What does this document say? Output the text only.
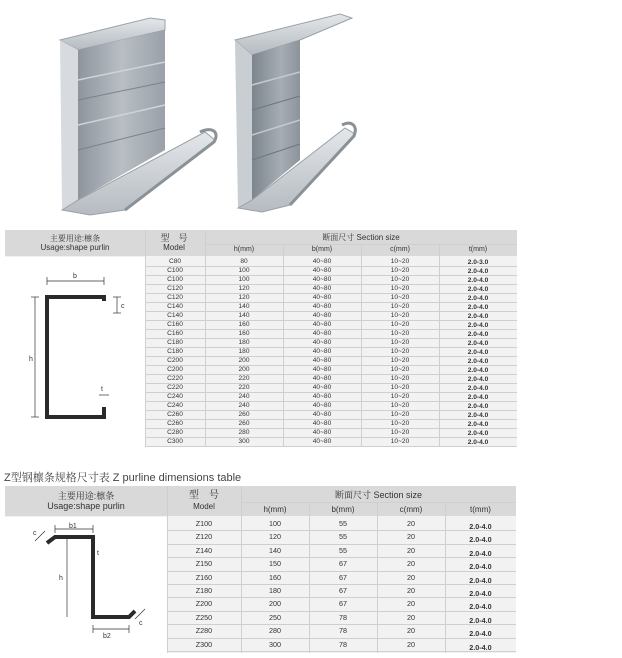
主要用途:檩条
Usage:shape purlin
型　号
Model
断面尺寸 Section size
h(mm)	b(mm)	c(mm)	t(mm)
b
c
h
t
C80	80	40~80	10~20	2.0-3.0
C100	100	40~80	10~20	2.0-4.0
C100	100	40~80	10~20	2.0-4.0
C120	120	40~80	10~20	2.0-4.0
C120	120	40~80	10~20	2.0-4.0
C140	140	40~80	10~20	2.0-4.0
C140	140	40~80	10~20	2.0-4.0
C160	160	40~80	10~20	2.0-4.0
C160	160	40~80	10~20	2.0-4.0
C180	180	40~80	10~20	2.0-4.0
C180	180	40~80	10~20	2.0-4.0
C200	200	40~80	10~20	2.0-4.0
C200	200	40~80	10~20	2.0-4.0
C220	220	40~80	10~20	2.0-4.0
C220	220	40~80	10~20	2.0-4.0
C240	240	40~80	10~20	2.0-4.0
C240	240	40~80	10~20	2.0-4.0
C260	260	40~80	10~20	2.0-4.0
C260	260	40~80	10~20	2.0-4.0
C280	280	40~80	10~20	2.0-4.0
C300	300	40~80	10~20	2.0-4.0
Z型钢檩条规格尺寸表 Z purline dimensions table
主要用途:檩条
Usage:shape purlin
型　号
Model
断面尺寸 Section size
h(mm)	b(mm)	c(mm)	t(mm)
b1
b2
h
t
c
c
Z100	100	55	20	2.0-4.0
Z120	120	55	20	2.0-4.0
Z140	140	55	20	2.0-4.0
Z150	150	67	20	2.0-4.0
Z160	160	67	20	2.0-4.0
Z180	180	67	20	2.0-4.0
Z200	200	67	20	2.0-4.0
Z250	250	78	20	2.0-4.0
Z280	280	78	20	2.0-4.0
Z300	300	78	20	2.0-4.0
